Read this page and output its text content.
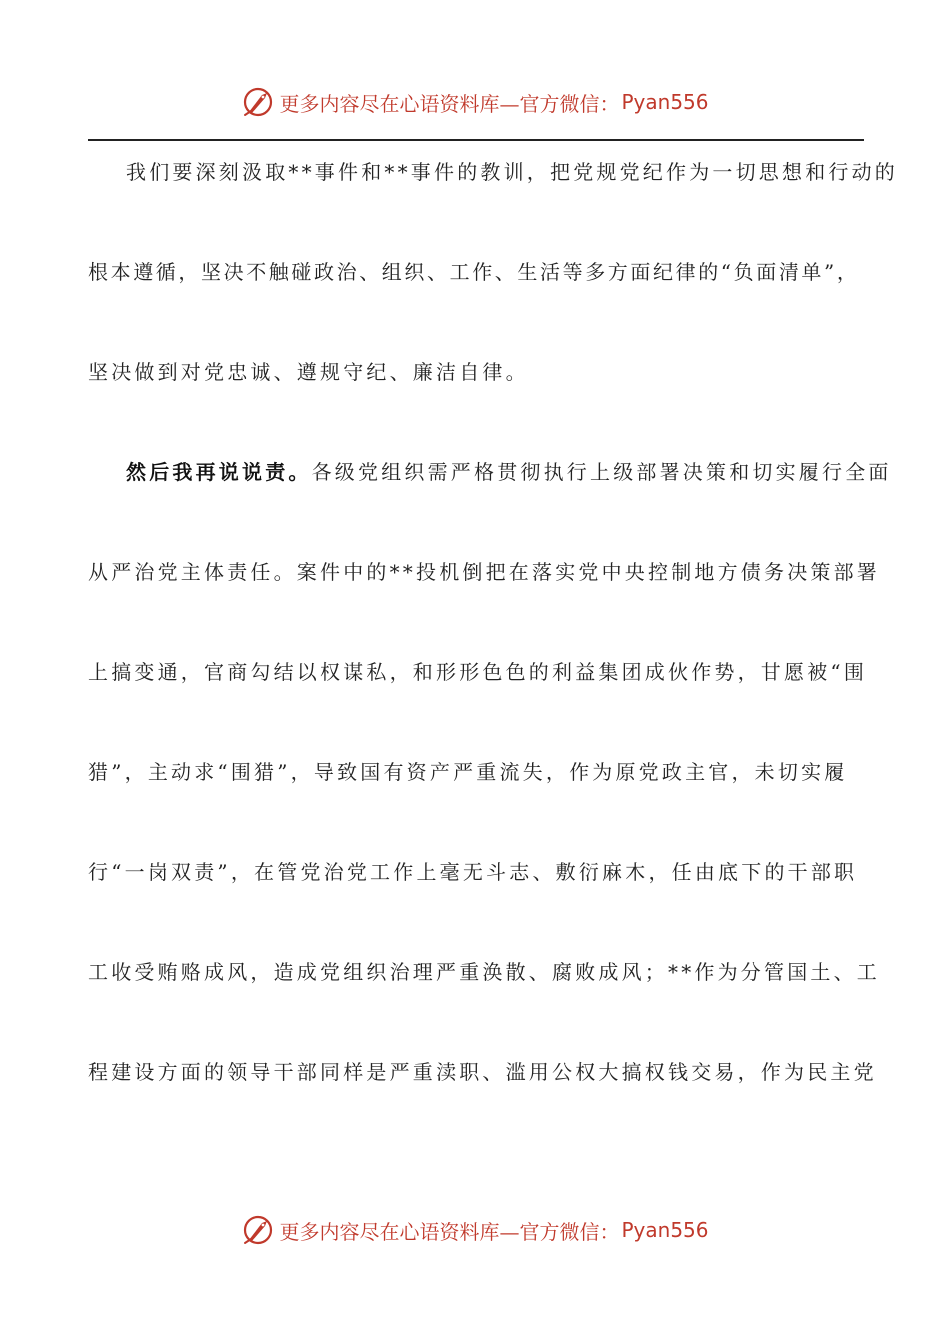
更多内容尽在心语资料库—官方微信： Pyan556
我们要深刻汲取**事件和**事件的教训，把党规党纪作为一切思想和行动的
根本遵循，坚决不触碰政治、组织、工作、生活等多方面纪律的“负面清单”，
坚决做到对党忠诚、遵规守纪、廉洁自律。
然后我再说说责。各级党组织需严格贯彻执行上级部署决策和切实履行全面
从严治党主体责任。案件中的**投机倒把在落实党中央控制地方债务决策部署
上搞变通，官商勾结以权谋私，和形形色色的利益集团成伙作势，甘愿被“围
猎”，主动求“围猎”，导致国有资产严重流失，作为原党政主官，未切实履
行“一岗双责”，在管党治党工作上毫无斗志、敷衍麻木，任由底下的干部职
工收受贿赂成风，造成党组织治理严重涣散、腐败成风；**作为分管国土、工
程建设方面的领导干部同样是严重渎职、滥用公权大搞权钱交易，作为民主党
更多内容尽在心语资料库—官方微信： Pyan556
